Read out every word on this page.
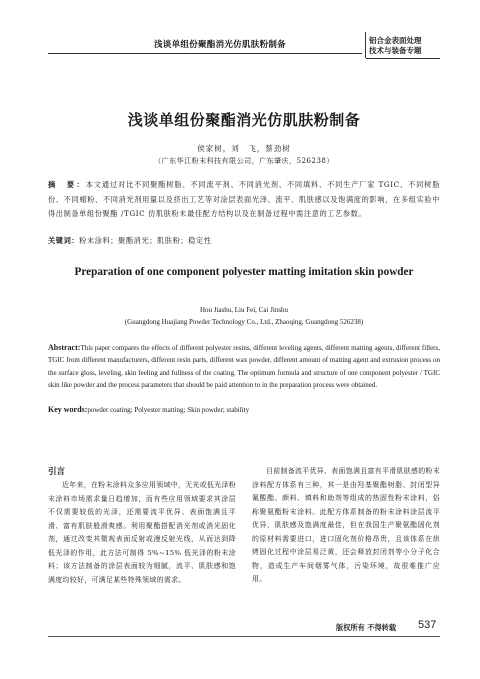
浅谈单组份聚酯消光仿肌肤粉制备	铝合金表面处理
技术与装备专题
浅谈单组份聚酯消光仿肌肤粉制备
侯家树，刘　飞，蔡劲树
（广东华江粉末科技有限公司，广东肇庆，526238）
摘　要：本文通过对比不同聚酯树脂、不同流平剂、不同消光剂、不同填料、不同生产厂家 TGIC、不同树脂份、不同蜡粉、不同消光剂用量以及挤出工艺等对涂层表面光泽、流平、肌肤感以及饱满度的影响，在多组实验中得出制备单组份聚酯 /TGIC 仿肌肤粉末最佳配方结构以及在制备过程中需注意的工艺参数。
关键词：粉末涂料；聚酯消光；肌肤粉；稳定性
Preparation of one component polyester matting imitation skin powder
Hou Jiashu, Liu Fei, Cai Jinshu
(Guangdong Huajiang Powder Technology Co., Ltd., Zhaoqing, Guangdong 526238)
Abstract:This paper compares the effects of different polyester resins, different leveling agents, different matting agents, different fillers, TGIC from different manufacturers, different resin parts, different wax powder, different amount of matting agent and extrusion process on the surface gloss, leveling, skin feeling and fullness of the coating. The optimum formula and structure of one component polyester / TGIC skin like powder and the process parameters that should be paid attention to in the preparation process were obtained.
Key words:powder coating; Polyester matting; Skin powder; stability
引言

近年来，在粉末涂料众多应用领域中，无光或低光泽粉末涂料市场需求量日趋增加，而有些应用领域要求其涂层不仅需要较低的光泽，还需要流平优异、表面饱满且平滑、富有肌肤般滑爽感。利用聚酯搭配消光剂或消光固化剂，通过改变其微观表面反射或漫反射光线，从而达到降低光泽的作用，此方法可制得 5%~15% 低光泽的粉末涂料；该方法制备的涂层表面较为细腻，流平、肌肤感和饱满度均较好，可满足某些特殊领域的需求。

目前制备流平优异、表面饱满且富有平滑肌肤感的粉末涂料配方体系有三种，其一是由羟基聚酯树脂、封闭型异氰酸酯、颜料、填料和助剂等组成的热固性粉末涂料，俗称聚氨酯粉末涂料。此配方体系制备的粉末涂料涂层流平优异，肌肤感及饱满度最佳，但在我国生产聚氨酯固化剂的原材料需要进口，进口固化剂价格昂贵，且该体系在烘烤固化过程中涂层易泛黄，还会释放封闭剂等小分子化合物，造成生产车间烟雾气体，污染环境，故很难推广应用。

版权所有 不得转载 537
